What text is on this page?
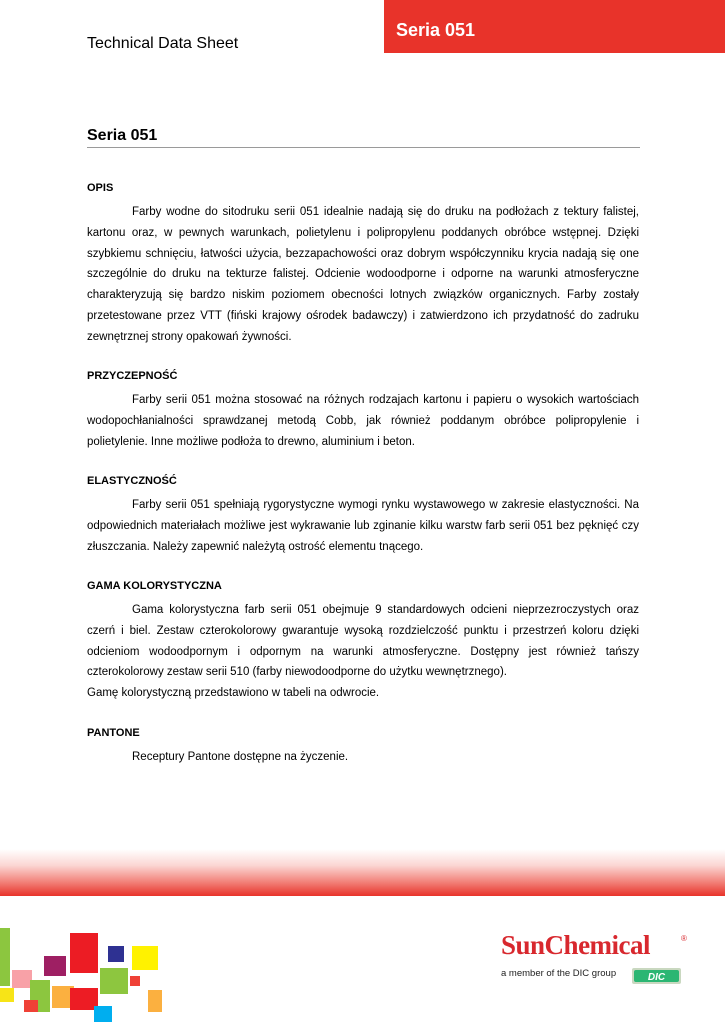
Technical Data Sheet
Seria 051
Seria 051
OPIS

Farby wodne do sitodruku serii 051 idealnie nadają się do druku na podłożach z tektury falistej, kartonu oraz, w pewnych warunkach, polietylenu i polipropylenu poddanych obróbce wstępnej. Dzięki szybkiemu schnięciu, łatwości użycia, bezzapachowości oraz dobrym współczynniku krycia nadają się one szczególnie do druku na tekturze falistej. Odcienie wodoodporne i odporne na warunki atmosferyczne charakteryzują się bardzo niskim poziomem obecności lotnych związków organicznych. Farby zostały przetestowane przez VTT (fiński krajowy ośrodek badawczy) i zatwierdzono ich przydatność do zadruku zewnętrznej strony opakowań żywności.

PRZYCZEPNOŚĆ

Farby serii 051 można stosować na różnych rodzajach kartonu i papieru o wysokich wartościach wodopochłanialności sprawdzanej metodą Cobb, jak również poddanym obróbce polipropylenie i polietylenie. Inne możliwe podłoża to drewno, aluminium i beton.

ELASTYCZNOŚĆ

Farby serii 051 spełniają rygorystyczne wymogi rynku wystawowego w zakresie elastyczności. Na odpowiednich materiałach możliwe jest wykrawanie lub zginanie kilku warstw farb serii 051 bez pęknięć czy złuszczania. Należy zapewnić należytą ostrość elementu tnącego.

GAMA KOLORYSTYCZNA

Gama kolorystyczna farb serii 051 obejmuje 9 standardowych odcieni nieprzezroczystych oraz czerń i biel. Zestaw czterokolorowy gwarantuje wysoką rozdzielczość punktu i przestrzeń koloru dzięki odcieniom wodoodpornym i odpornym na warunki atmosferyczne. Dostępny jest również tańszy czterokolorowy zestaw serii 510 (farby niewodoodporne do użytku wewnętrznego).

Gamę kolorystyczną przedstawiono w tabeli na odwrocie.

PANTONE

Receptury Pantone dostępne na życzenie.

SunChemical	®
a member of the DIC group	DIC
